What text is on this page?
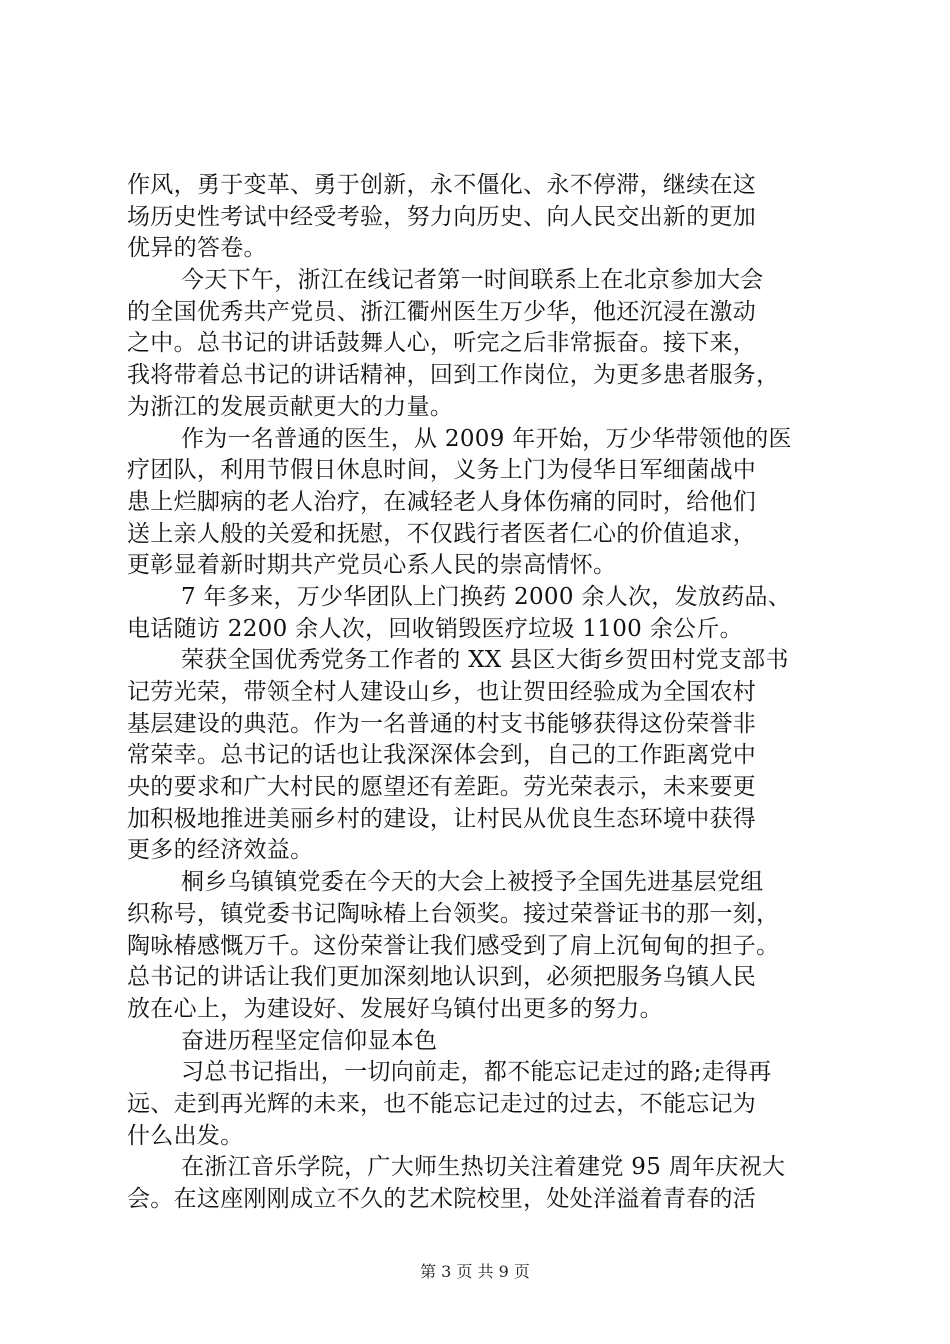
作风，勇于变革、勇于创新，永不僵化、永不停滞，继续在这
场历史性考试中经受考验，努力向历史、向人民交出新的更加
优异的答卷。
今天下午，浙江在线记者第一时间联系上在北京参加大会
的全国优秀共产党员、浙江衢州医生万少华，他还沉浸在激动
之中。总书记的讲话鼓舞人心，听完之后非常振奋。接下来，
我将带着总书记的讲话精神，回到工作岗位，为更多患者服务，
为浙江的发展贡献更大的力量。
作为一名普通的医生，从 2009 年开始，万少华带领他的医
疗团队，利用节假日休息时间，义务上门为侵华日军细菌战中
患上烂脚病的老人治疗，在减轻老人身体伤痛的同时，给他们
送上亲人般的关爱和抚慰，不仅践行者医者仁心的价值追求，
更彰显着新时期共产党员心系人民的崇高情怀。
7 年多来，万少华团队上门换药 2000 余人次，发放药品、
电话随访 2200 余人次，回收销毁医疗垃圾 1100 余公斤。
荣获全国优秀党务工作者的 XX 县区大街乡贺田村党支部书
记劳光荣，带领全村人建设山乡，也让贺田经验成为全国农村
基层建设的典范。作为一名普通的村支书能够获得这份荣誉非
常荣幸。总书记的话也让我深深体会到，自己的工作距离党中
央的要求和广大村民的愿望还有差距。劳光荣表示，未来要更
加积极地推进美丽乡村的建设，让村民从优良生态环境中获得
更多的经济效益。
桐乡乌镇镇党委在今天的大会上被授予全国先进基层党组
织称号，镇党委书记陶咏椿上台领奖。接过荣誉证书的那一刻，
陶咏椿感慨万千。这份荣誉让我们感受到了肩上沉甸甸的担子。
总书记的讲话让我们更加深刻地认识到，必须把服务乌镇人民
放在心上，为建设好、发展好乌镇付出更多的努力。
奋进历程坚定信仰显本色
习总书记指出，一切向前走，都不能忘记走过的路;走得再
远、走到再光辉的未来，也不能忘记走过的过去，不能忘记为
什么出发。
在浙江音乐学院，广大师生热切关注着建党 95 周年庆祝大
会。在这座刚刚成立不久的艺术院校里，处处洋溢着青春的活
第 3 页 共 9 页
